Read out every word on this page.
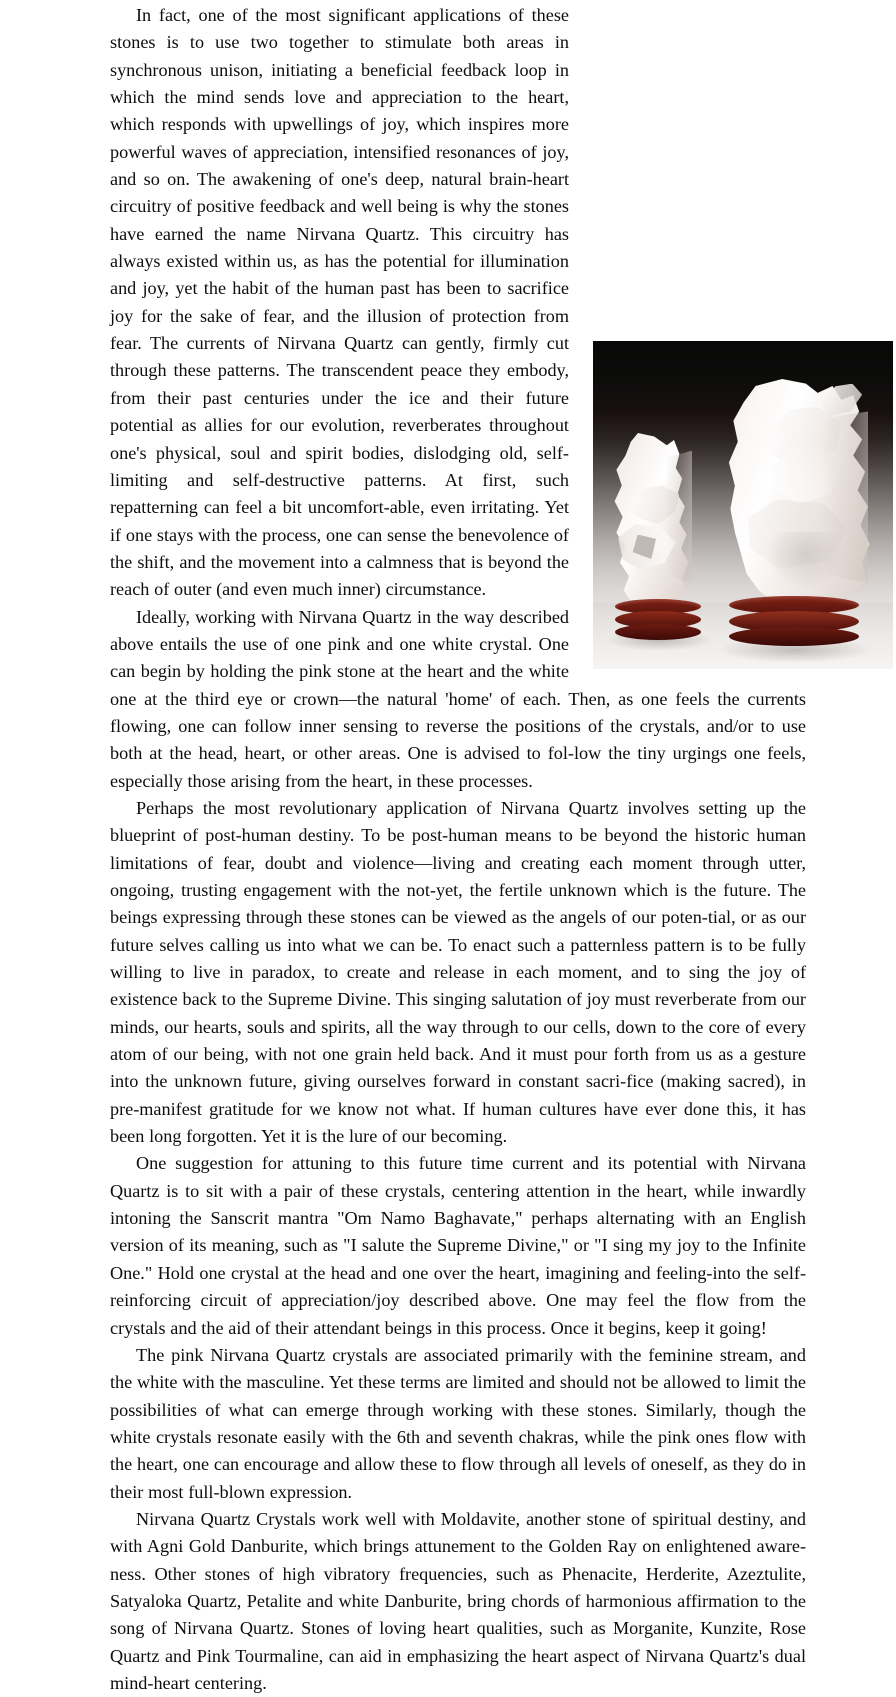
In fact, one of the most significant applications of these stones is to use two together to stimulate both areas in synchronous unison, initiating a beneficial feedback loop in which the mind sends love and appreciation to the heart, which responds with upwellings of joy, which inspires more powerful waves of appreciation, intensified resonances of joy, and so on. The awakening of one's deep, natural brain-heart circuitry of positive feedback and well being is why the stones have earned the name Nirvana Quartz. This circuitry has always existed within us, as has the potential for illumination and joy, yet the habit of the human past has been to sacrifice joy for the sake of fear, and the illusion of protection from fear. The currents of Nirvana Quartz can gently, firmly cut through these patterns. The transcendent peace they embody, from their past centuries under the ice and their future potential as allies for our evolution, reverberates throughout one's physical, soul and spirit bodies, dislodging old, self-limiting and self-destructive patterns. At first, such repatterning can feel a bit uncomfort-able, even irritating. Yet if one stays with the process, one can sense the benevolence of the shift, and the movement into a calmness that is beyond the reach of outer (and even much inner) circumstance.

Ideally, working with Nirvana Quartz in the way described above entails the use of one pink and one white crystal. One can begin by holding the pink stone at the heart and the white one at the third eye or crown—the natural 'home' of each. Then, as one feels the currents flowing, one can follow inner sensing to reverse the positions of the crystals, and/or to use both at the head, heart, or other areas. One is advised to fol-low the tiny urgings one feels, especially those arising from the heart, in these processes.

Perhaps the most revolutionary application of Nirvana Quartz involves setting up the blueprint of post-human destiny. To be post-human means to be beyond the historic human limitations of fear, doubt and violence—living and creating each moment through utter, ongoing, trusting engagement with the not-yet, the fertile unknown which is the future. The beings expressing through these stones can be viewed as the angels of our poten-tial, or as our future selves calling us into what we can be. To enact such a patternless pattern is to be fully willing to live in paradox, to create and release in each moment, and to sing the joy of existence back to the Supreme Divine. This singing salutation of joy must reverberate from our minds, our hearts, souls and spirits, all the way through to our cells, down to the core of every atom of our being, with not one grain held back. And it must pour forth from us as a gesture into the unknown future, giving ourselves forward in constant sacri-fice (making sacred), in pre-manifest gratitude for we know not what. If human cultures have ever done this, it has been long forgotten. Yet it is the lure of our becoming.

One suggestion for attuning to this future time current and its potential with Nirvana Quartz is to sit with a pair of these crystals, centering attention in the heart, while inwardly intoning the Sanscrit mantra "Om Namo Baghavate," perhaps alternating with an English version of its meaning, such as "I salute the Supreme Divine," or "I sing my joy to the Infinite One." Hold one crystal at the head and one over the heart, imagining and feeling-into the self-reinforcing circuit of appreciation/joy described above. One may feel the flow from the crystals and the aid of their attendant beings in this process. Once it begins, keep it going!

The pink Nirvana Quartz crystals are associated primarily with the feminine stream, and the white with the masculine. Yet these terms are limited and should not be allowed to limit the possibilities of what can emerge through working with these stones. Similarly, though the white crystals resonate easily with the 6th and seventh chakras, while the pink ones flow with the heart, one can encourage and allow these to flow through all levels of oneself, as they do in their most full-blown expression.

Nirvana Quartz Crystals work well with Moldavite, another stone of spiritual destiny, and with Agni Gold Danburite, which brings attunement to the Golden Ray on enlightened aware-ness. Other stones of high vibratory frequencies, such as Phenacite, Herderite, Azeztulite, Satyaloka Quartz, Petalite and white Danburite, bring chords of harmonious affirmation to the song of Nirvana Quartz. Stones of loving heart qualities, such as Morganite, Kunzite, Rose Quartz and Pink Tourmaline, can aid in emphasizing the heart aspect of Nirvana Quartz's dual mind-heart centering.
